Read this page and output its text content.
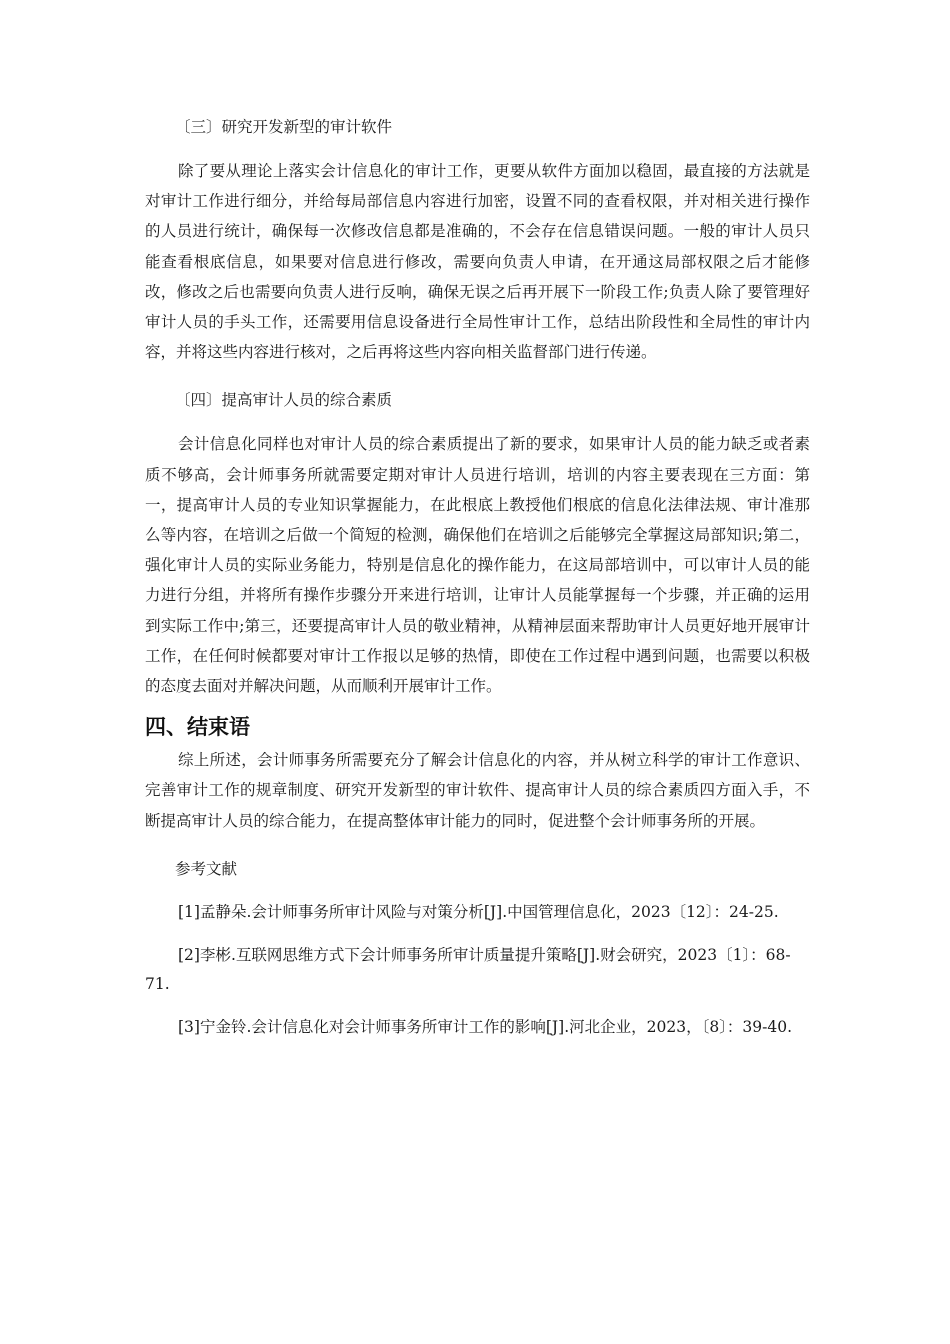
〔三〕研究开发新型的审计软件

除了要从理论上落实会计信息化的审计工作，更要从软件方面加以稳固，最直接的方法就是对审计工作进行细分，并给每局部信息内容进行加密，设置不同的查看权限，并对相关进行操作的人员进行统计，确保每一次修改信息都是准确的，不会存在信息错误问题。一般的审计人员只能查看根底信息，如果要对信息进行修改，需要向负责人申请，在开通这局部权限之后才能修改，修改之后也需要向负责人进行反响，确保无误之后再开展下一阶段工作;负责人除了要管理好审计人员的手头工作，还需要用信息设备进行全局性审计工作，总结出阶段性和全局性的审计内容，并将这些内容进行核对，之后再将这些内容向相关监督部门进行传递。

〔四〕提高审计人员的综合素质

会计信息化同样也对审计人员的综合素质提出了新的要求，如果审计人员的能力缺乏或者素质不够高，会计师事务所就需要定期对审计人员进行培训，培训的内容主要表现在三方面：第一，提高审计人员的专业知识掌握能力，在此根底上教授他们根底的信息化法律法规、审计准那么等内容，在培训之后做一个简短的检测，确保他们在培训之后能够完全掌握这局部知识;第二，强化审计人员的实际业务能力，特别是信息化的操作能力，在这局部培训中，可以审计人员的能力进行分组，并将所有操作步骤分开来进行培训，让审计人员能掌握每一个步骤，并正确的运用到实际工作中;第三，还要提高审计人员的敬业精神，从精神层面来帮助审计人员更好地开展审计工作，在任何时候都要对审计工作报以足够的热情，即使在工作过程中遇到问题，也需要以积极的态度去面对并解决问题，从而顺利开展审计工作。

四、结束语

综上所述，会计师事务所需要充分了解会计信息化的内容，并从树立科学的审计工作意识、完善审计工作的规章制度、研究开发新型的审计软件、提高审计人员的综合素质四方面入手，不断提高审计人员的综合能力，在提高整体审计能力的同时，促进整个会计师事务所的开展。

参考文献

[1]孟静朵.会计师事务所审计风险与对策分析[J].中国管理信息化，2023〔12〕：24-25.

[2]李彬.互联网思维方式下会计师事务所审计质量提升策略[J].财会研究，2023〔1〕：68-71.

[3]宁金铃.会计信息化对会计师事务所审计工作的影响[J].河北企业，2023，〔8〕：39-40.
